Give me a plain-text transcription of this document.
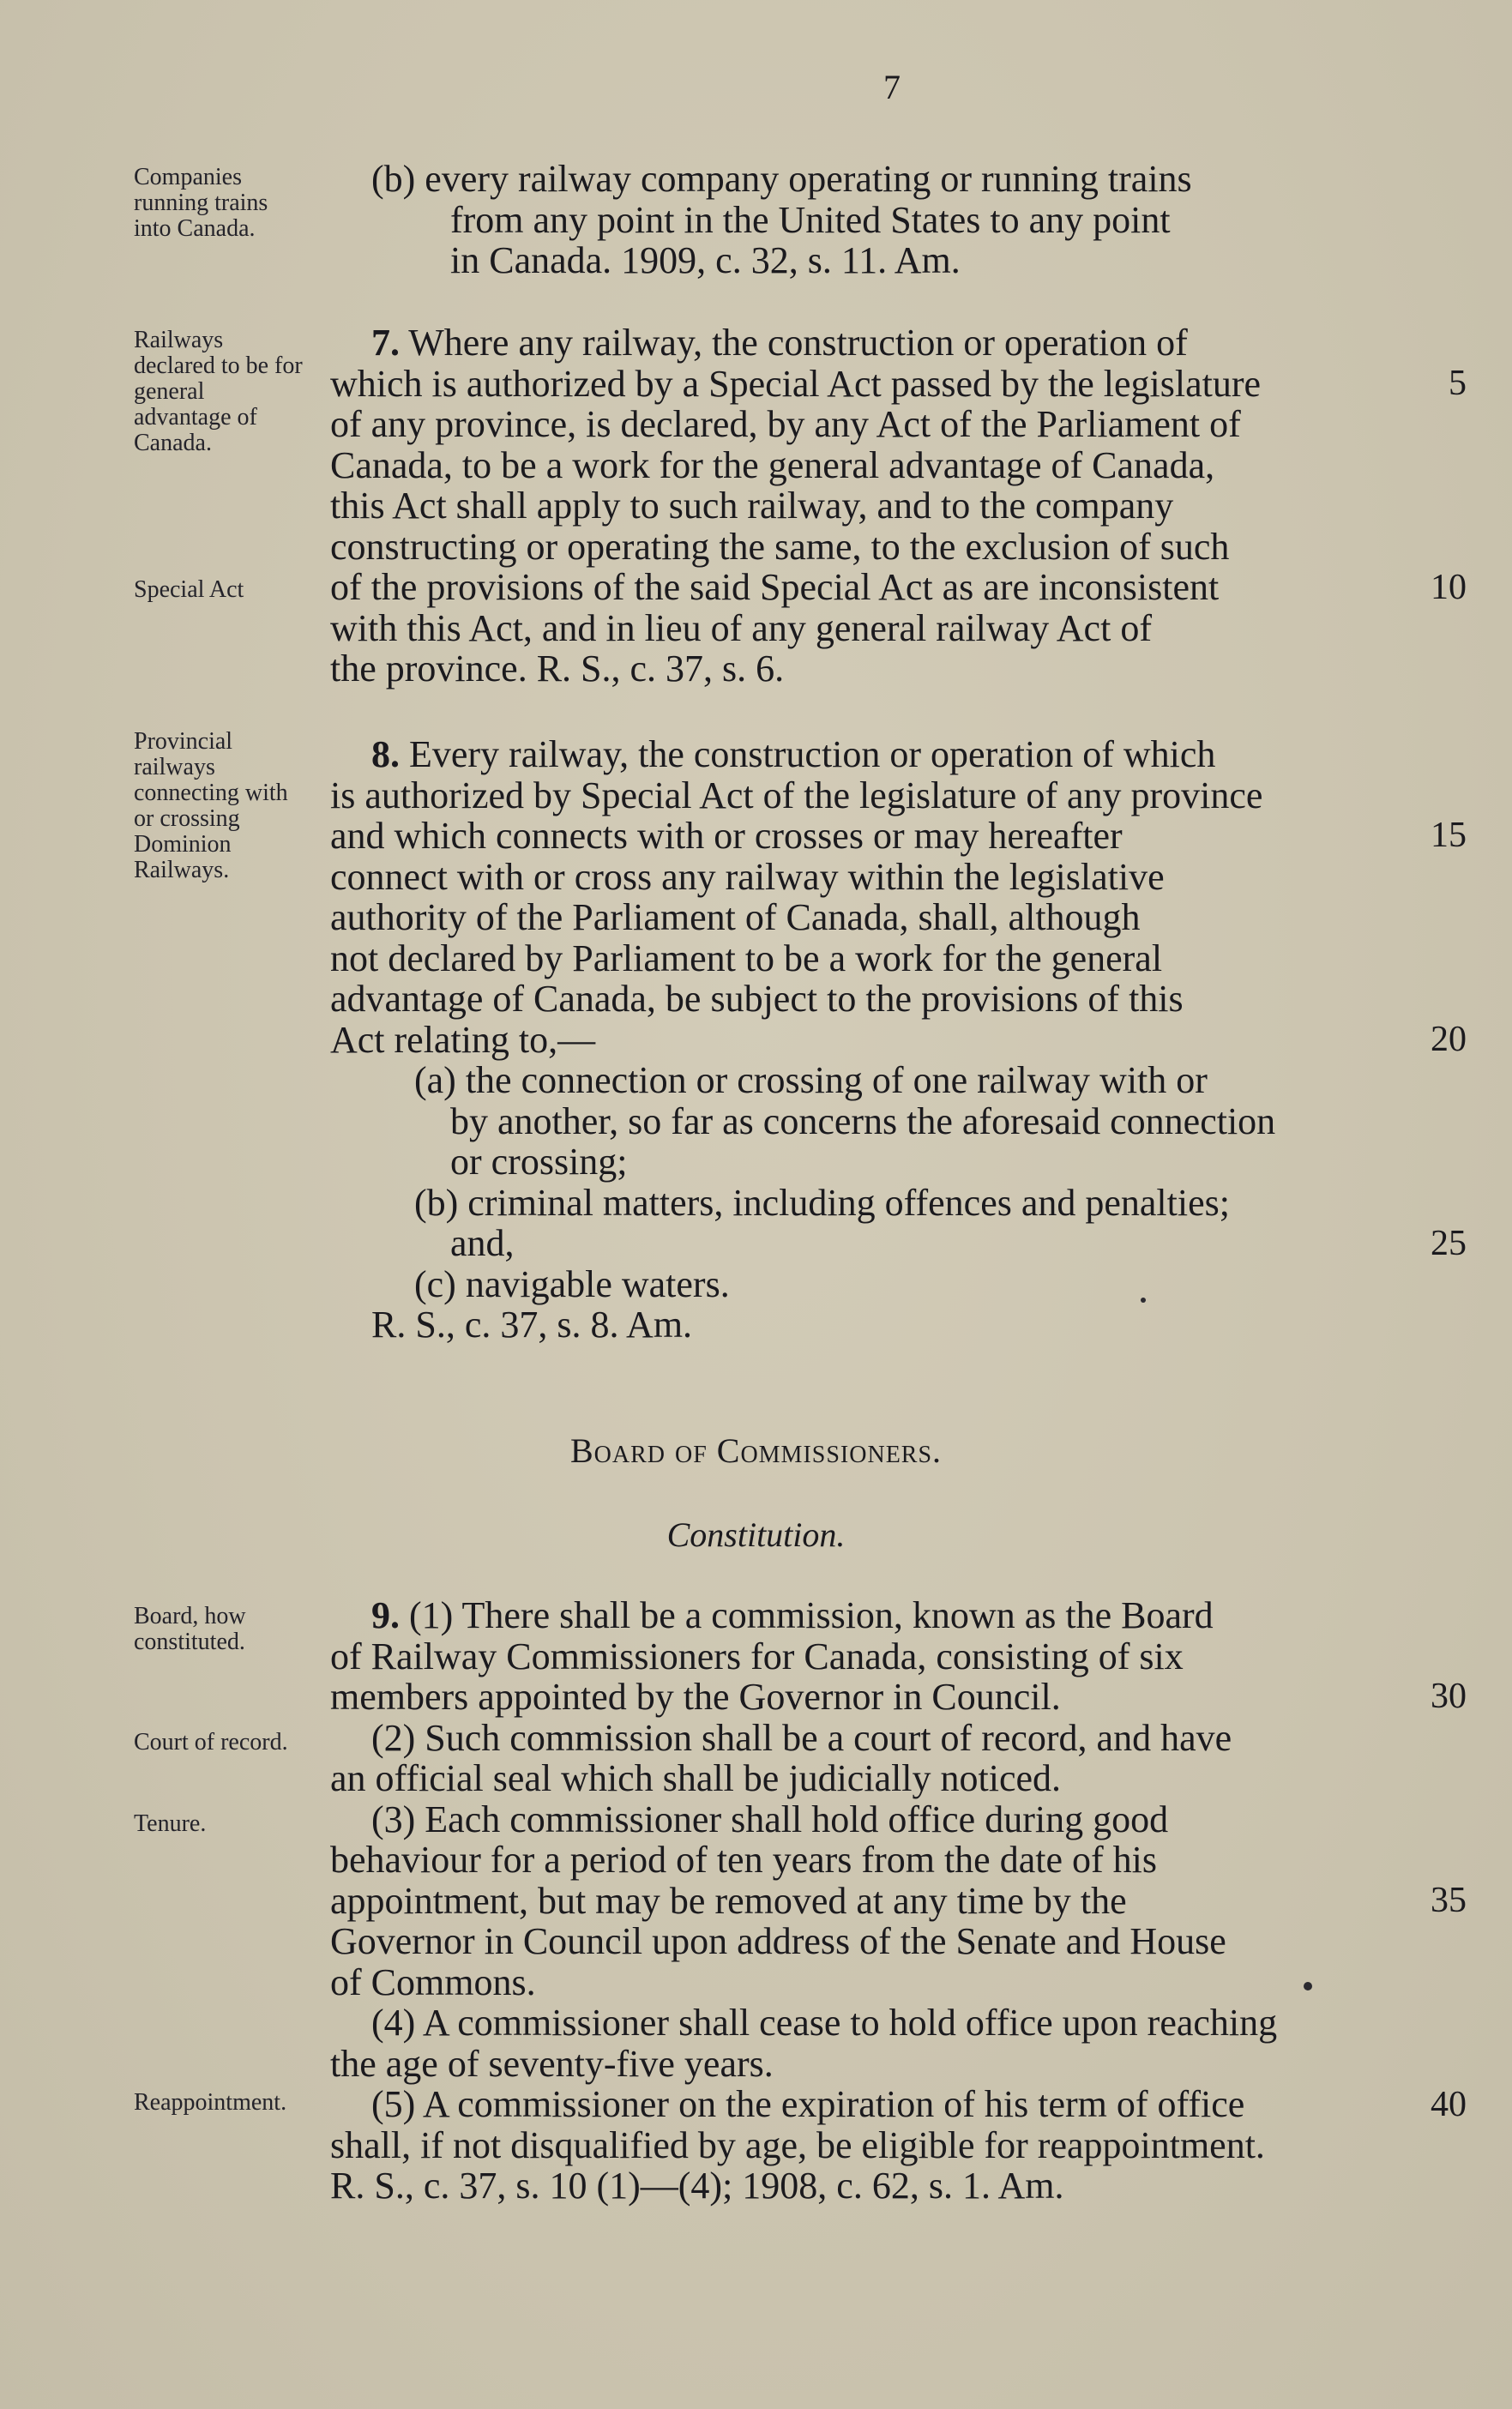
7
Companies running trains into Canada.
Railways declared to be for general advantage of Canada.
Special Act
Provincial railways connecting with or crossing Dominion Railways.
Board, how constituted.
Court of record.
Tenure.
Reappointment.
(b) every railway company operating or running trains
from any point in the United States to any point
in Canada. 1909, c. 32, s. 11. Am.
7. Where any railway, the construction or operation of
which is authorized by a Special Act passed by the legislature
of any province, is declared, by any Act of the Parliament of
Canada, to be a work for the general advantage of Canada,
this Act shall apply to such railway, and to the company
constructing or operating the same, to the exclusion of such
of the provisions of the said Special Act as are inconsistent
with this Act, and in lieu of any general railway Act of
the province. R. S., c. 37, s. 6.
8. Every railway, the construction or operation of which
is authorized by Special Act of the legislature of any province
and which connects with or crosses or may hereafter
connect with or cross any railway within the legislative
authority of the Parliament of Canada, shall, although
not declared by Parliament to be a work for the general
advantage of Canada, be subject to the provisions of this
Act relating to,—
(a) the connection or crossing of one railway with or
by another, so far as concerns the aforesaid connection
or crossing;
(b) criminal matters, including offences and penalties;
and,
(c) navigable waters.
R. S., c. 37, s. 8. Am.
Board of Commissioners.
Constitution.
9. (1) There shall be a commission, known as the Board
of Railway Commissioners for Canada, consisting of six
members appointed by the Governor in Council.
(2) Such commission shall be a court of record, and have
an official seal which shall be judicially noticed.
(3) Each commissioner shall hold office during good
behaviour for a period of ten years from the date of his
appointment, but may be removed at any time by the
Governor in Council upon address of the Senate and House
of Commons.
(4) A commissioner shall cease to hold office upon reaching
the age of seventy-five years.
(5) A commissioner on the expiration of his term of office
shall, if not disqualified by age, be eligible for reappointment.
R. S., c. 37, s. 10 (1)—(4); 1908, c. 62, s. 1. Am.
5
10
15
20
25
30
35
40
